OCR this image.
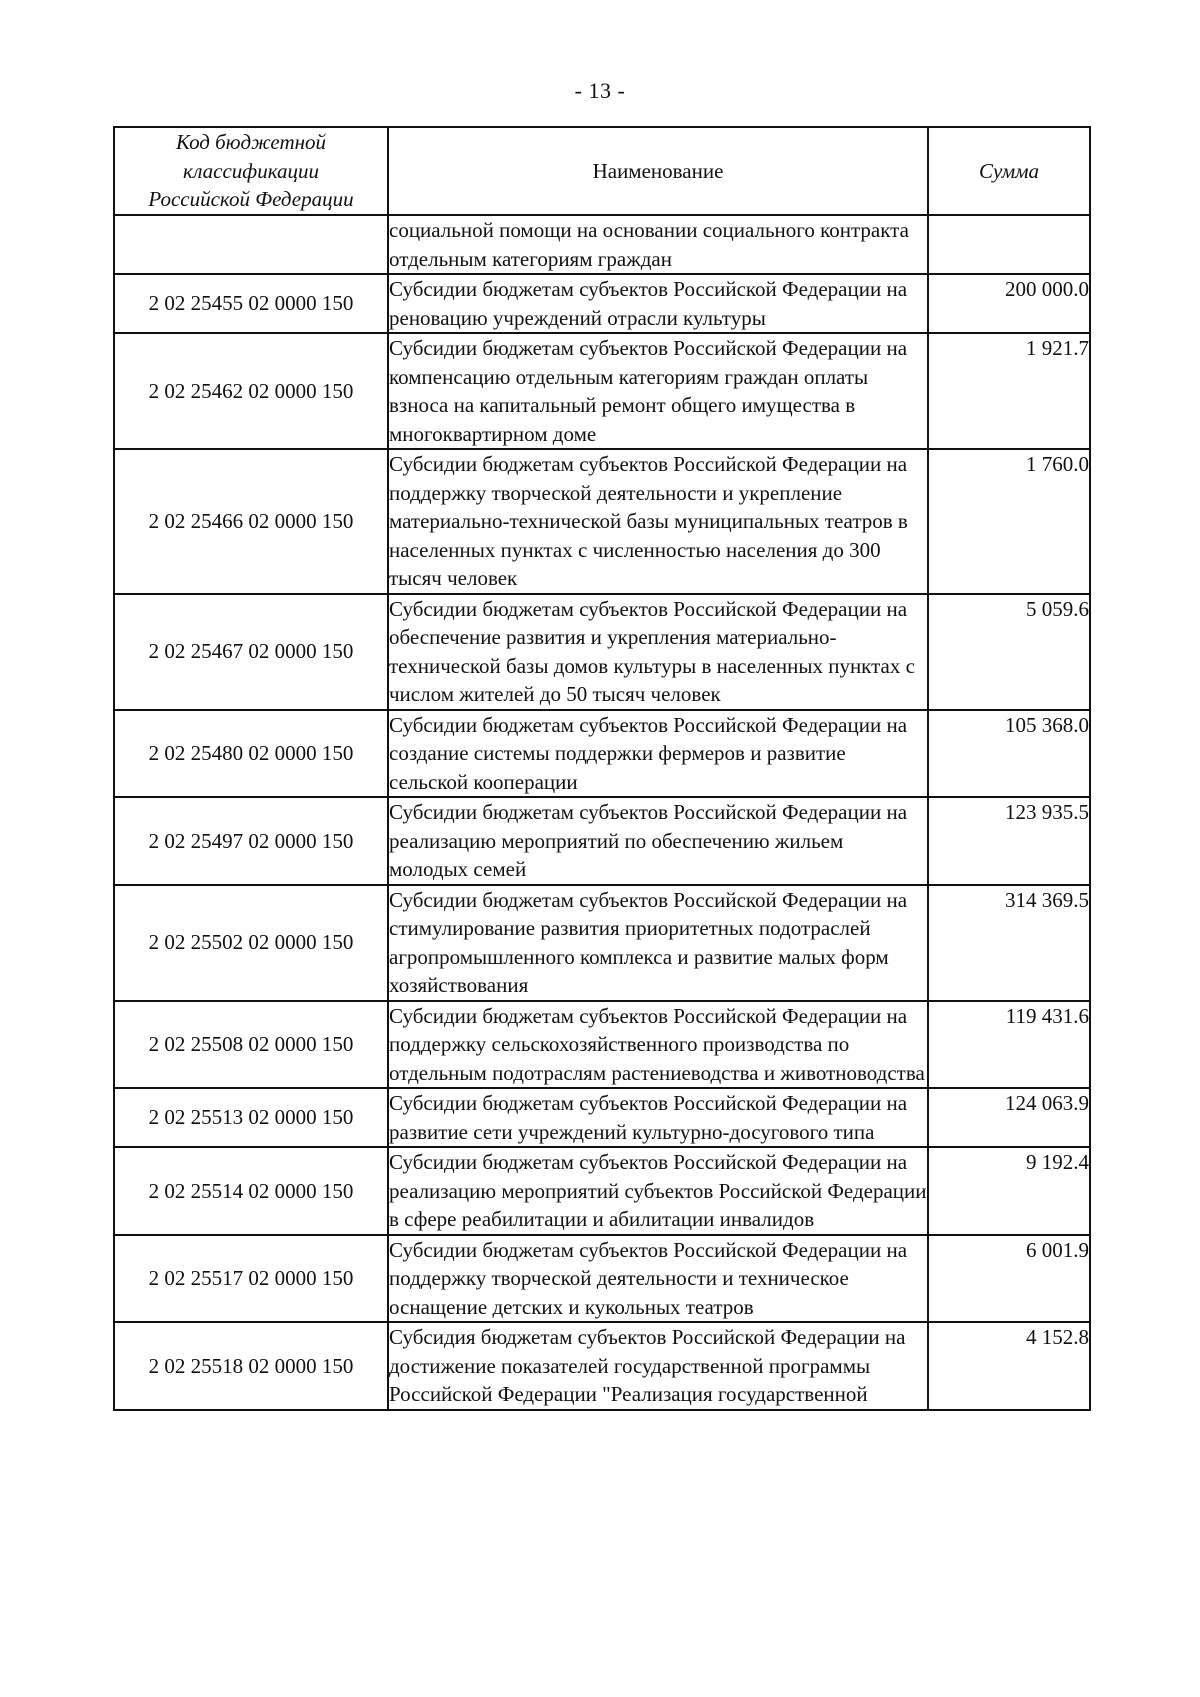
- 13 -
Код бюджетной
классификации
Российской Федерации	Наименование	Сумма
	социальной помощи на основании социального контракта отдельным категориям граждан	
2 02 25455 02 0000 150	Субсидии бюджетам субъектов Российской Федерации на реновацию учреждений отрасли культуры	200 000.0
2 02 25462 02 0000 150	Субсидии бюджетам субъектов Российской Федерации на компенсацию отдельным категориям граждан оплаты взноса на капитальный ремонт общего имущества в многоквартирном доме	1 921.7
2 02 25466 02 0000 150	Субсидии бюджетам субъектов Российской Федерации на поддержку творческой деятельности и укрепление материально-технической базы муниципальных театров в населенных пунктах с численностью населения до 300 тысяч человек	1 760.0
2 02 25467 02 0000 150	Субсидии бюджетам субъектов Российской Федерации на обеспечение развития и укрепления материально-технической базы домов культуры в населенных пунктах с числом жителей до 50 тысяч человек	5 059.6
2 02 25480 02 0000 150	Субсидии бюджетам субъектов Российской Федерации на создание системы поддержки фермеров и развитие сельской кооперации	105 368.0
2 02 25497 02 0000 150	Субсидии бюджетам субъектов Российской Федерации на реализацию мероприятий по обеспечению жильем молодых семей	123 935.5
2 02 25502 02 0000 150	Субсидии бюджетам субъектов Российской Федерации на стимулирование развития приоритетных подотраслей агропромышленного комплекса и развитие малых форм хозяйствования	314 369.5
2 02 25508 02 0000 150	Субсидии бюджетам субъектов Российской Федерации на поддержку сельскохозяйственного производства по отдельным подотраслям растениеводства и животноводства	119 431.6
2 02 25513 02 0000 150	Субсидии бюджетам субъектов Российской Федерации на развитие сети учреждений культурно-досугового типа	124 063.9
2 02 25514 02 0000 150	Субсидии бюджетам субъектов Российской Федерации на реализацию мероприятий субъектов Российской Федерации в сфере реабилитации и абилитации инвалидов	9 192.4
2 02 25517 02 0000 150	Субсидии бюджетам субъектов Российской Федерации на поддержку творческой деятельности и техническое оснащение детских и кукольных театров	6 001.9
2 02 25518 02 0000 150	Субсидия бюджетам субъектов Российской Федерации на достижение показателей государственной программы Российской Федерации "Реализация государственной	4 152.8
